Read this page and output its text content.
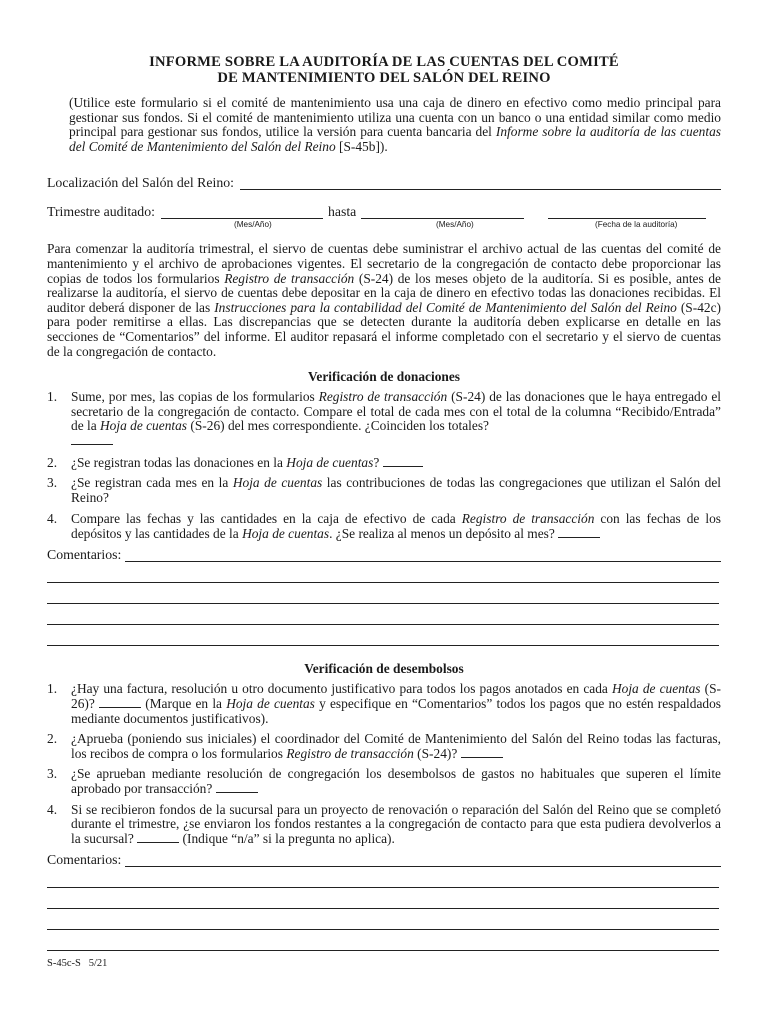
INFORME SOBRE LA AUDITORÍA DE LAS CUENTAS DEL COMITÉ
DE MANTENIMIENTO DEL SALÓN DEL REINO
(Utilice este formulario si el comité de mantenimiento usa una caja de dinero en efectivo como medio principal para gestionar sus fondos. Si el comité de mantenimiento utiliza una cuenta con un banco o una entidad similar como medio principal para gestionar sus fondos, utilice la versión para cuenta bancaria del Informe sobre la auditoría de las cuentas del Comité de Mantenimiento del Salón del Reino [S-45b]).
Localización del Salón del Reino:
Trimestre auditado:	hasta
(Mes/Año)	(Mes/Año)	(Fecha de la auditoría)
Para comenzar la auditoría trimestral, el siervo de cuentas debe suministrar el archivo actual de las cuentas del comité de mantenimiento y el archivo de aprobaciones vigentes. El secretario de la congregación de contacto debe proporcionar las copias de todos los formularios Registro de transacción (S-24) de los meses objeto de la auditoría. Si es posible, antes de realizarse la auditoría, el siervo de cuentas debe depositar en la caja de dinero en efectivo todas las donaciones recibidas. El auditor deberá disponer de las Instrucciones para la contabilidad del Comité de Mantenimiento del Salón del Reino (S-42c) para poder remitirse a ellas. Las discrepancias que se detecten durante la auditoría deben explicarse en detalle en las secciones de “Comentarios” del informe. El auditor repasará el informe completado con el secretario y el siervo de cuentas de la congregación de contacto.
Verificación de donaciones
1. Sume, por mes, las copias de los formularios Registro de transacción (S-24) de las donaciones que le haya entregado el secretario de la congregación de contacto. Compare el total de cada mes con el total de la columna “Recibido/Entrada” de la Hoja de cuentas (S-26) del mes correspondiente. ¿Coinciden los totales?

2. ¿Se registran todas las donaciones en la Hoja de cuentas?
3. ¿Se registran cada mes en la Hoja de cuentas las contribuciones de todas las congregaciones que utilizan el Salón del Reino?
4. Compare las fechas y las cantidades en la caja de efectivo de cada Registro de transacción con las fechas de los depósitos y las cantidades de la Hoja de cuentas. ¿Se realiza al menos un depósito al mes?
Comentarios:
Verificación de desembolsos
1. ¿Hay una factura, resolución u otro documento justificativo para todos los pagos anotados en cada Hoja de cuentas (S-26)?	(Marque en la Hoja de cuentas y especifique en “Comentarios” todos los pagos que no estén respaldados mediante documentos justificativos).
2. ¿Aprueba (poniendo sus iniciales) el coordinador del Comité de Mantenimiento del Salón del Reino todas las facturas, los recibos de compra o los formularios Registro de transacción (S-24)?
3. ¿Se aprueban mediante resolución de congregación los desembolsos de gastos no habituales que superen el límite aprobado por transacción?
4. Si se recibieron fondos de la sucursal para un proyecto de renovación o reparación del Salón del Reino que se completó durante el trimestre, ¿se enviaron los fondos restantes a la congregación de contacto para que esta pudiera devolverlos a la sucursal?	(Indique “n/a” si la pregunta no aplica).
Comentarios:
S-45c-S 5/21
